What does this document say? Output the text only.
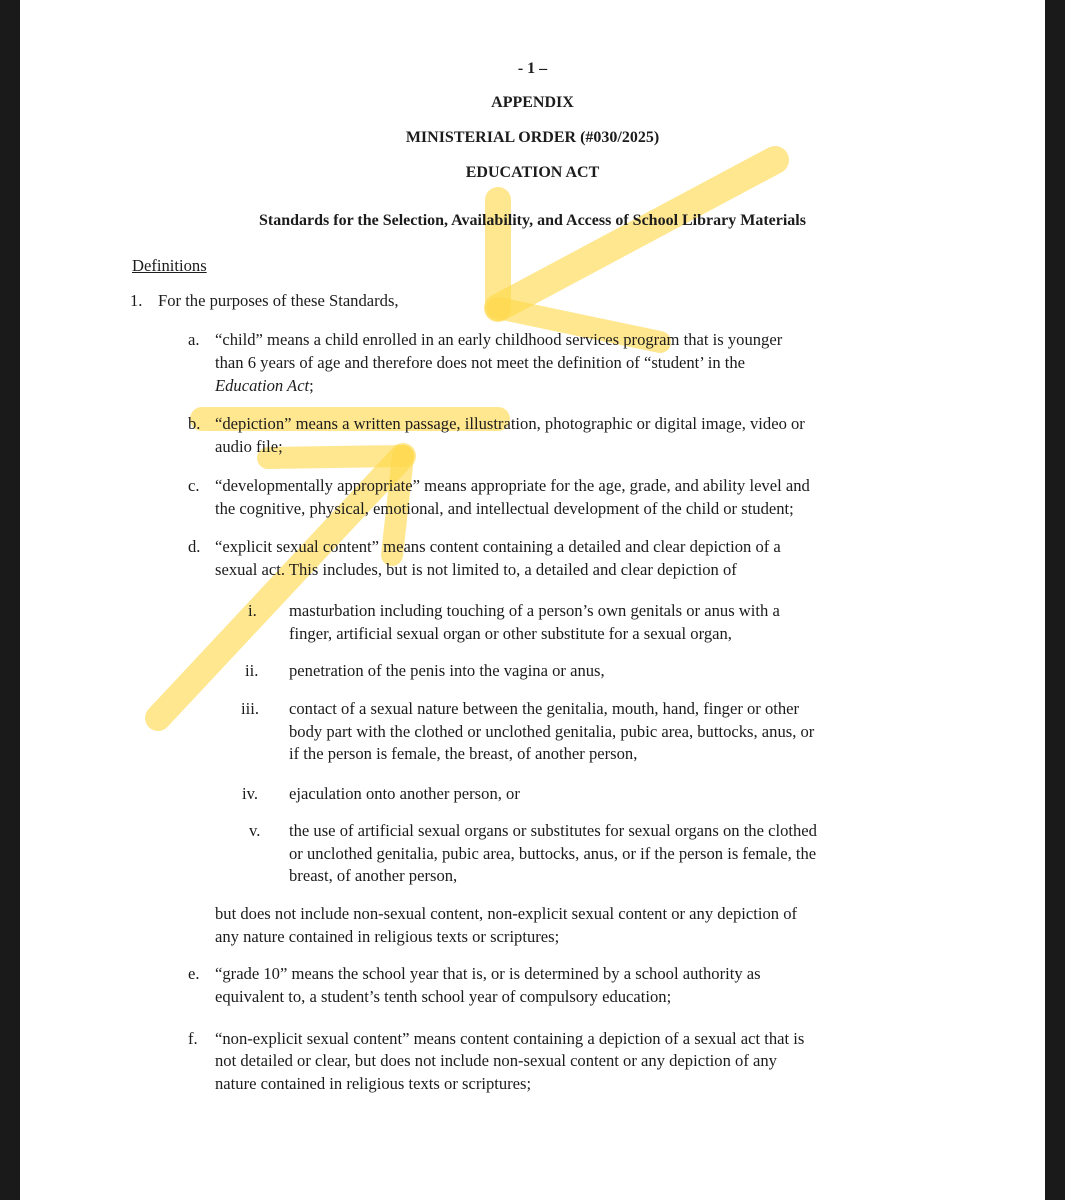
- 1 –
APPENDIX
MINISTERIAL ORDER (#030/2025)
EDUCATION ACT
Standards for the Selection, Availability, and Access of School Library Materials
Definitions
1. For the purposes of these Standards,
a. “child” means a child enrolled in an early childhood services program that is younger
than 6 years of age and therefore does not meet the definition of “student’ in the
Education Act;
b. “depiction” means a written passage, illustration, photographic or digital image, video or
audio file;
c. “developmentally appropriate” means appropriate for the age, grade, and ability level and
the cognitive, physical, emotional, and intellectual development of the child or student;
d. “explicit sexual content” means content containing a detailed and clear depiction of a
sexual act. This includes, but is not limited to, a detailed and clear depiction of
i. masturbation including touching of a person’s own genitals or anus with a
finger, artificial sexual organ or other substitute for a sexual organ,
ii. penetration of the penis into the vagina or anus,
iii. contact of a sexual nature between the genitalia, mouth, hand, finger or other
body part with the clothed or unclothed genitalia, pubic area, buttocks, anus, or
if the person is female, the breast, of another person,
iv. ejaculation onto another person, or
v. the use of artificial sexual organs or substitutes for sexual organs on the clothed
or unclothed genitalia, pubic area, buttocks, anus, or if the person is female, the
breast, of another person,
but does not include non-sexual content, non-explicit sexual content or any depiction of
any nature contained in religious texts or scriptures;
e. “grade 10” means the school year that is, or is determined by a school authority as
equivalent to, a student’s tenth school year of compulsory education;
f. “non-explicit sexual content” means content containing a depiction of a sexual act that is
not detailed or clear, but does not include non-sexual content or any depiction of any
nature contained in religious texts or scriptures;
